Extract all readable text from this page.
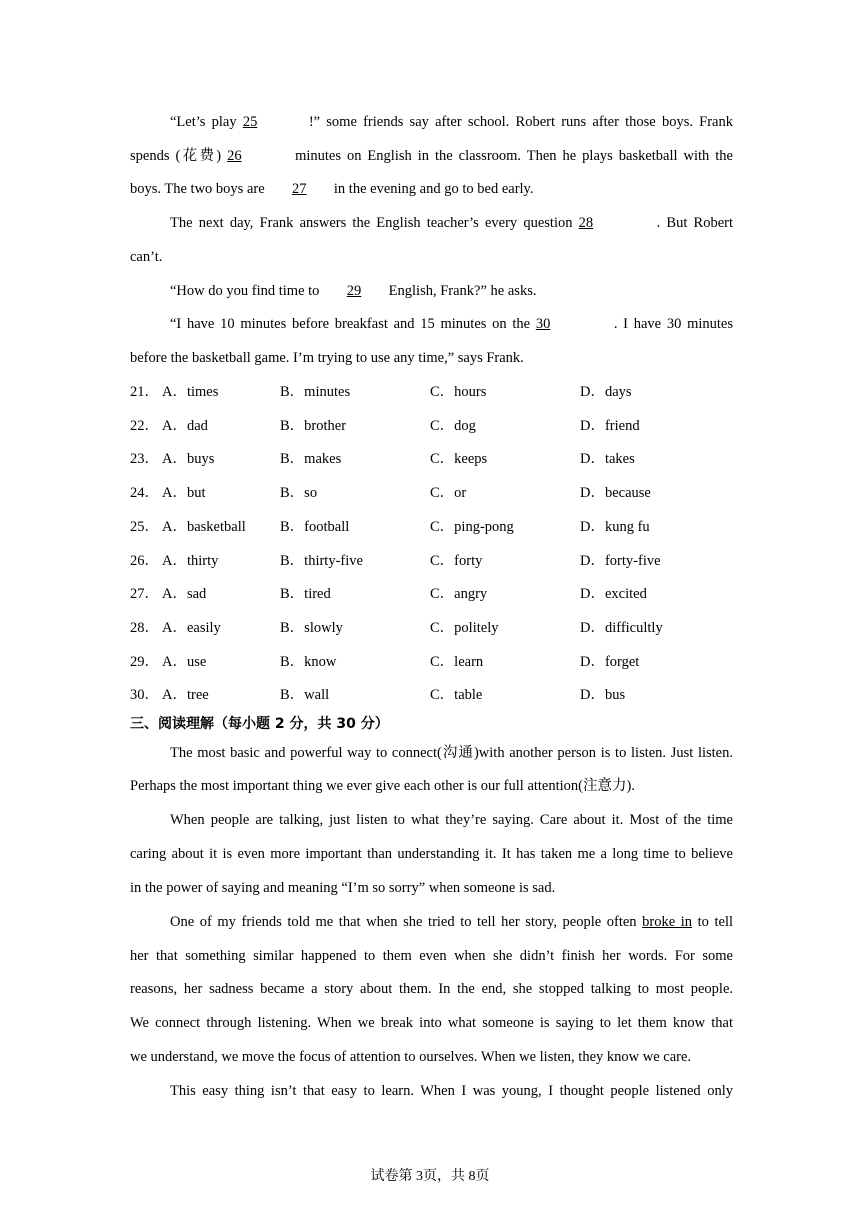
“Let’s play 25	!” some friends say after school. Robert runs after those boys. Frank
spends (花费) 26	minutes on English in the classroom. Then he plays basketball with the
boys. The two boys are 27 in the evening and go to bed early.
The next day, Frank answers the English teacher’s every question 28	. But Robert
can’t.
“How do you find time to 29 English, Frank?” he asks.
“I have 10 minutes before breakfast and 15 minutes on the 30	. I have 30 minutes
before the basketball game. I’m trying to use any time,” says Frank.
21． A．times	B．minutes	C．hours	D．days
22． A．dad	B．brother	C．dog	D．friend
23． A．buys	B．makes	C．keeps	D．takes
24． A．but	B．so	C．or	D．because
25． A．basketball B．football	C．ping-pong	D．kung fu
26． A．thirty	B．thirty-five	C．forty	D．forty-five
27． A．sad	B．tired	C．angry	D．excited
28． A．easily	B．slowly	C．politely	D．difficultly
29． A．use	B．know	C．learn	D．forget
30． A．tree	B．wall	C．table	D．bus
三、阅读理解（每小题 2 分，共 30 分）
The most basic and powerful way to connect(沟通)with another person is to listen. Just listen.
Perhaps the most important thing we ever give each other is our full attention(注意力).
When people are talking, just listen to what they’re saying. Care about it. Most of the time
caring about it is even more important than understanding it. It has taken me a long time to believe
in the power of saying and meaning “I’m so sorry” when someone is sad.
One of my friends told me that when she tried to tell her story, people often broke in to tell
her that something similar happened to them even when she didn’t finish her words. For some
reasons, her sadness became a story about them. In the end, she stopped talking to most people.
We connect through listening. When we break into what someone is saying to let them know that
we understand, we move the focus of attention to ourselves. When we listen, they know we care.
This easy thing isn’t that easy to learn. When I was young, I thought people listened only
试卷第 3页，共 8页
